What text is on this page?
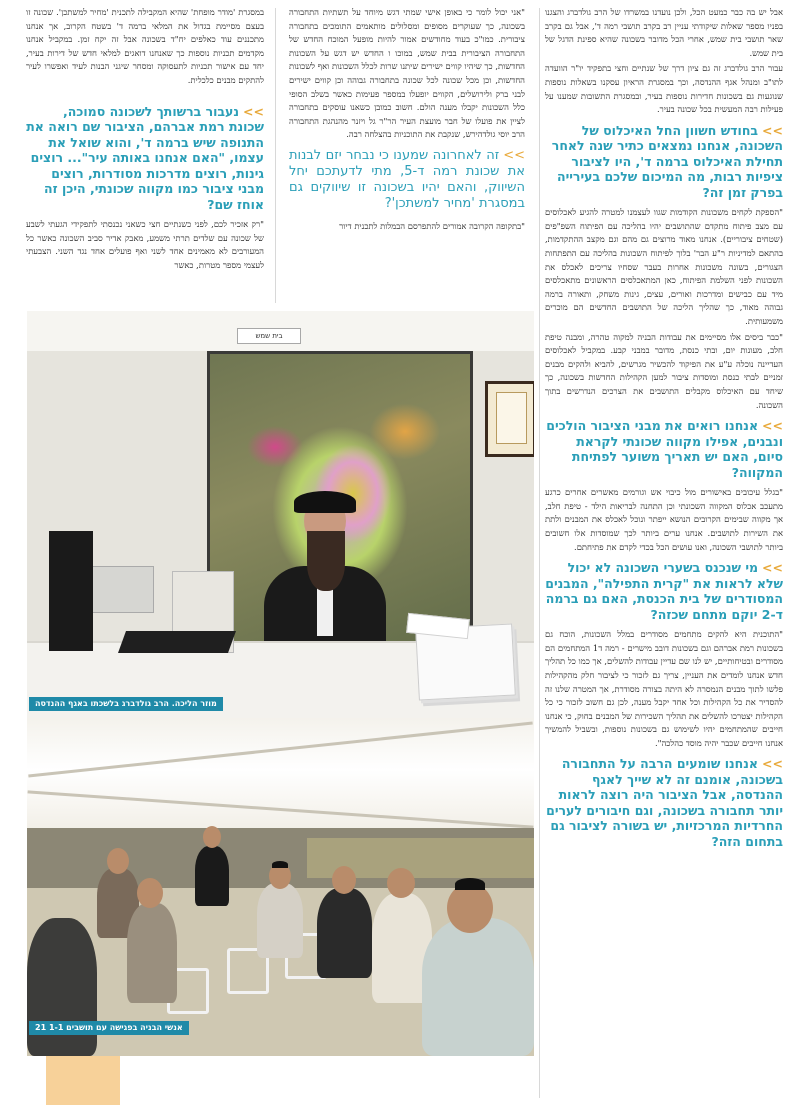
במסגרת 'מודר מופחת' שהיא המקבילה לתכנית 'מחיר למשתכן'. שכונה זו בעצם מסיימת בגדול את המלאי ברמה ד' בשטח הקרוב, אך אנחנו מתכננים עוד כאלפים יח"ד בשכונה אבל זה יקח זמן. במקביל אנחנו מקדמים תכניות נוספות כך שאנחנו דואגים למלאי חדש של דירות בעיר, יחד עם אישור תכניות לתעסוקה ומסחר שיגני הבנות לעיד ואפשרו לעיר להתקים מבנים כלכלית.

>>נעבור ברשותך לשכונה סמוכה, שכונת רמת אברהם, הציבור שם רואה את התנופה שיש ברמה ד', והוא שואל את עצמו, "האם אנחנו באותה עיר"... רוצים גינות, רוצים מדרכות מסודרות, רוצים מבני ציבור כמו מקווה שכונתי, היכן זה אוחז שם?

"רק אזכיר לכם, לפני כשנתיים חצי כשאני נכנסתי לתפקידי הגעתי לשבע של שכונה עם שלדים תרתי משמע, מאבק אדיר סביב השכונה כאשר כל המעורבים לא מאמינים אחד לשני ואף פועלים אחד נגד השני. הצבעתי לעצמי מספר מטרות, כאשר

"אני יכול לומר כי באופן אישי שמתי דגש מיוחד על תשתיות התחבורה בשכונה, כך שעוקרים מסופים ומסלולים מותאמים התומכים בתחבורה ציבורית. כמו"כ בעוד מחודשים אמור להיות מופעל המוכח החדש של התחבורה הציבורית בבית שמש, במוכו ו החדש יש דגש על השכונות החדשות, כך שיהיו קווים ישירים שיתנו שרות לכלל השכונות ואף לשכונות החדשות, וכן מכל שכונה לכל שכונה בתחבורה גבוהה וכן קווים ישירים לבני ברק ולירושלים, הקווים יופעלו במספר פעימות כאשר בשלב הסופי כלל השכונות יקבלו מענה הולם. חשוב כמובן כשאנו עוסקים בתחבורה לציין את פועלו של חבר מועצת העיר הר"ר גל ויזנר מהנהגת התחבורה הרב יוסי גולדהירש, שנקבת את התוכניות בהצלחה רבה.

>>זה לאחרונה שמענו כי נבחר יזם לבנות את שכונת רמה ד-5, מתי לדעתכם יחל השיווק, והאם יהיו בשכונה זו שיווקים גם במסגרת 'מחיר למשתכן'?

"בתקופה הקרובה אמורים להתפרסם הבמלות לתכנית דיור

אבל יש בה כבר כמעט הכל, ולכן נועדנו במשרדו של הרב גולדברג והצגנו בפניו מספר שאלות שיקודתי עניין רב בקרב תושבי רמה ד', אבל גם בקרב שאר תושבי בית שמש, אחרי הכל מדובר בשכונה שהיא ספינת הדגל של בית שמש.

עבור הרב גולדברג זה גם ציון דרך של שנתיים וחצי בתפקיד יו"ר הוועדה לתו"ב ומנהל אגף ההנדסה, וכך במסגרת הראיון עסקנו בשאלות נוספות שנוגעות גם בשכונות חדירות נוספות בעיר, ובמסגרת התשובות שמענו על פעילות רבה המעשית בכל שכונה בעיר.

>>בחודש חשוון החל האיכלוס של השכונה, אנחנו נמצאים כתיר שנה לאחר תחילת האיכלוס ברמה ד', היו לציבור ציפיות רבות, מה המיכום שלכם בעירייה בפרק זמן זה?

"הספקת לקחים משכונות הקודמות שגוו לעצמנו למטרה להגיע לאכלוסים עם מצב פיתוח מתקדם שהתושבים יהיו בהליכה עם הפיתוח השפ"פים (שטחים ציבוריים). אנחנו מאוד מרוצים גם מהם וגם מקצב ההתקדמות, בהתאם למדיניות ר"ע הבר' בלוך לפיתוח השכונות בהליכה עם התפתחות הצגורים, בשונה משכונות אחרות בעבר שסחיו צריכים לאכלס את השכונות לפני השלמת הפיתוח, כאן המתאכלסים הראשונים מתאכלסים מיד עם כבישים ומדרכות ואורים, עצים, גינות משחק, ותאורה ברמה גבוהה מאוד, כך שהליך הליכה של התושבים החדשים הם מוכרים משמעותית.

"כבר ביסים אלו מסיימים את עבודות הבניה למקוה טהרה, ומבנה טיפת חלב, מעונות יום, ובתי כנסת, מדובר במבני קבע. במקביל לאכלוסים העדיינה נוכלה ע"ע את הפיקוד להכשיר מגרשים, להביא ולהקים מבנים זמניים לבתי כנסת ומוסדות ציבור למען הקהילות החדשות בשכונה, כך שיחד עם האיכלוס מקבלים התושבים את הצרכים הנדרשים בתוך השכונה.

>>אנחנו רואים את מבני הציבור הולכים ונבנים, אפילו מקווה שכונתי לקראת סיום, האם יש תאריך משוער לפתיחת המקווה?

"בגלל עיכובים באישורים מול כיבוי אש וגורמים מאשרים אחרים כרגע מתעכב אכלוס המקווה השכונתי וכן התחנה לבריאות הילד - טיפת חלב, אך מקווה שבימים הקרובים הנושא ייפתר ונוכל לאכלס את המבנים ולתת את השירות לתושבים. אנחנו ערים ביותר לכך שמוסדות אלו חשובים ביותר לתושבי השכונה, ואנו עושים הכל בכדי לקדם את פתיחתם.

>>מי שנכנס בשערי השכונה לא יכול שלא לראות את "קרית התפילה", המבנים המסודרים של בית הכנסת, האם גם ברמה ד-2 יוקם מתחם שכזה?

"התוכנית היא להקים מתחמים מסודרים במלל השכונות, הוכח גם בשכונות רמת אברהם וגם בשכונות דובב מישרים - רמה ד1 המתחמים הם מסודרים ובטיחותיים, יש לנו שם עדיין עבודות להשלים, אך כמו כל תהליך חדש אנחנו לומדים את העניין, צריך גם לזכור כי לציבור חלק מהקהילות פלשו לתוך מבנים הנמסרה לא היתה בצורה מסודרת, אך המטרה שלנו זה להסדיר את כל הקהילות וכל אחד יקבל מענה, לכן גם חשוב לזכור כי כל הקהילות יצטרכו להשלים את תהליך השכירות של המבנים בחוק, כי אנחנו חייבים שהמתחמים יהיו לשימוש גם בשכונות נוספות, ובשביל להמשיך אנחנו חייבים שכבר יהיה מוסד כהלכה".

>>אנחנו שומעים הרבה על התחבורה בשכונה, אומנם זה לא שייך לאגף ההנדסה, אבל הציבור היה רוצה לראות יותר תחבורה בשכונה, וגם חיבורים לערים החרדיות המרכזיות, יש בשורה לציבור גם בתחום הזה?
בית שמש
מוזר הליכה. הרב גולדברג בלשכתו באגף ההנדסה
אנשי הבניה בפגישה עם תושבים 1-1 21
